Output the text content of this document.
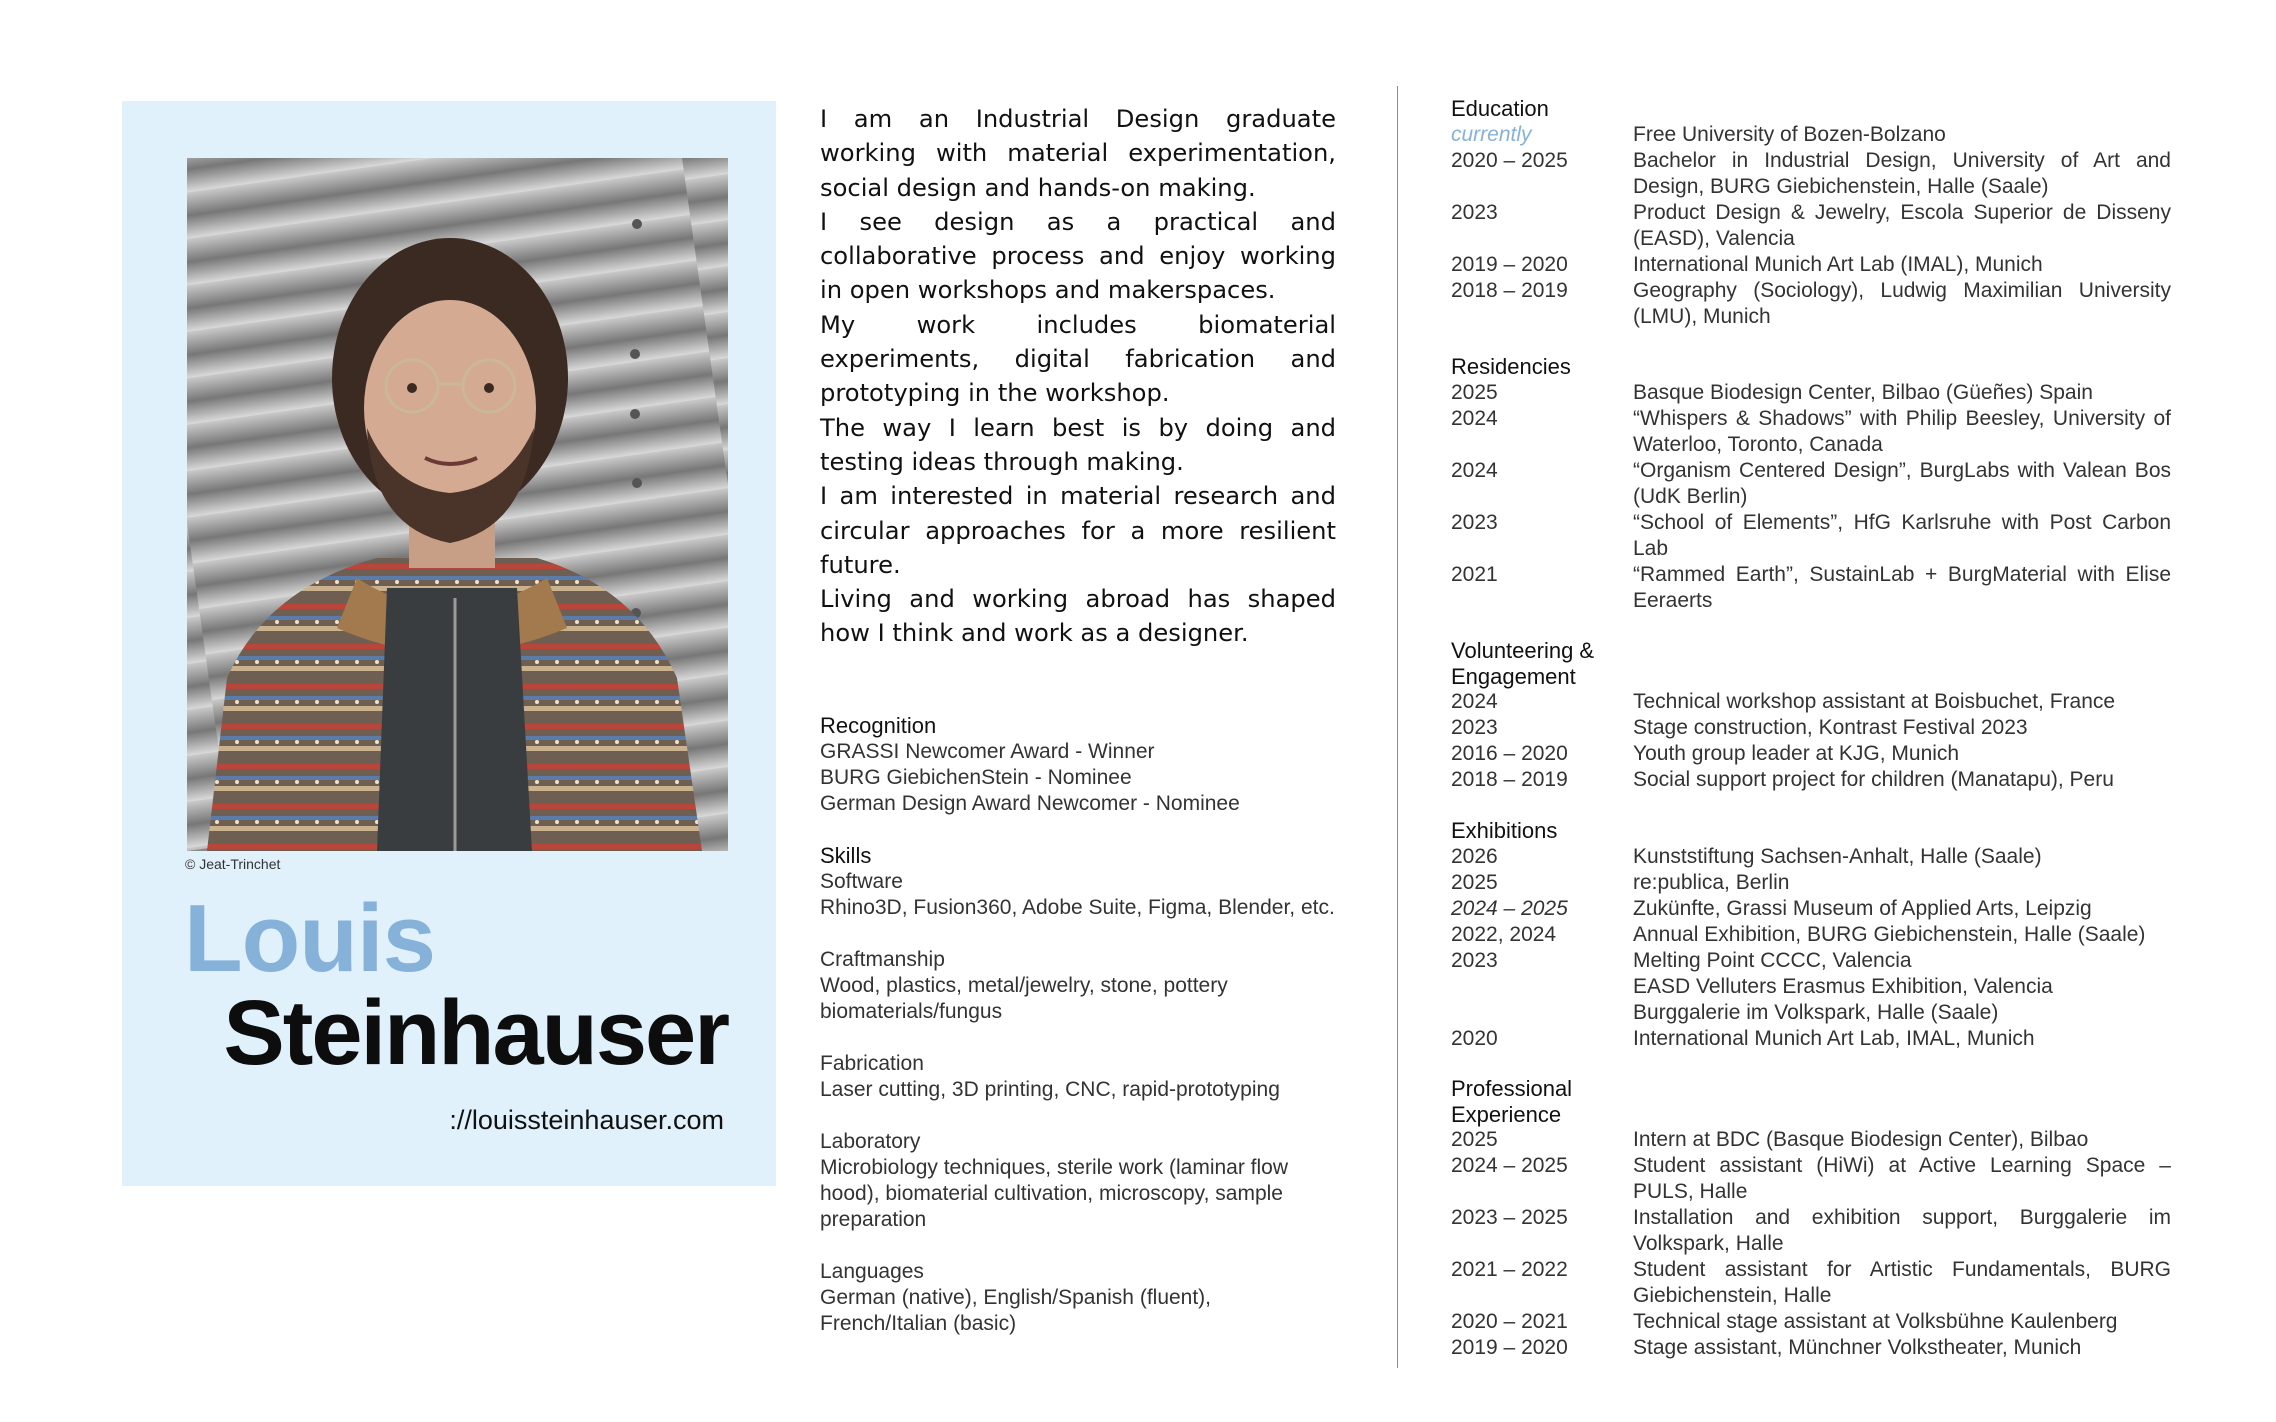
© Jeat-Trinchet
Louis
Steinhauser
://louissteinhauser.com

I am an Industrial Design graduate working with material experimentation, social design and hands-on making.

I see design as a practical and collaborative process and enjoy working in open workshops and makerspaces.

My work includes biomaterial experiments, digital fabrication and prototyping in the workshop.

The way I learn best is by doing and testing ideas through making.

I am interested in material research and circular approaches for a more resilient future.

Living and working abroad has shaped how I think and work as a designer.

Recognition
GRASSI Newcomer Award - Winner
BURG GiebichenStein - Nominee
German Design Award Newcomer - Nominee
Skills
Software
Rhino3D, Fusion360, Adobe Suite, Figma, Blender, etc.
Craftmanship
Wood, plastics, metal/jewelry, stone, pottery biomaterials/fungus
Fabrication
Laser cutting, 3D printing, CNC, rapid-prototyping
Laboratory
Microbiology techniques, sterile work (laminar flow hood), biomaterial cultivation, microscopy, sample preparation
Languages
German (native), English/Spanish (fluent), French/Italian (basic)
Education
currently	Free University of Bozen-Bolzano
2020 – 2025	Bachelor in Industrial Design, University of Art and Design, BURG Giebichenstein, Halle (Saale)
2023	Product Design & Jewelry, Escola Superior de Disseny (EASD), Valencia
2019 – 2020	International Munich Art Lab (IMAL), Munich
2018 – 2019	Geography (Sociology), Ludwig Maximilian University (LMU), Munich
Residencies
2025	Basque Biodesign Center, Bilbao (Güeñes) Spain
2024	“Whispers & Shadows” with Philip Beesley, University of Waterloo, Toronto, Canada
2024	“Organism Centered Design”, BurgLabs with Valean Bos (UdK Berlin)
2023	“School of Elements”, HfG Karlsruhe with Post Carbon Lab
2021	“Rammed Earth”, SustainLab + BurgMaterial with Elise Eeraerts
Volunteering &
Engagement
2024	Technical workshop assistant at Boisbuchet, France
2023	Stage construction, Kontrast Festival 2023
2016 – 2020	Youth group leader at KJG, Munich
2018 – 2019	Social support project for children (Manatapu), Peru
Exhibitions
2026	Kunststiftung Sachsen-Anhalt, Halle (Saale)
2025	re:publica, Berlin
2024 – 2025	Zukünfte, Grassi Museum of Applied Arts, Leipzig
2022, 2024	Annual Exhibition, BURG Giebichenstein, Halle (Saale)
2023	Melting Point CCCC, Valencia
EASD Velluters Erasmus Exhibition, Valencia
Burggalerie im Volkspark, Halle (Saale)
2020	International Munich Art Lab, IMAL, Munich
Professional
Experience
2025	Intern at BDC (Basque Biodesign Center), Bilbao
2024 – 2025	Student assistant (HiWi) at Active Learning Space – PULS, Halle
2023 – 2025	Installation and exhibition support, Burggalerie im Volkspark, Halle
2021 – 2022	Student assistant for Artistic Fundamentals, BURG Giebichenstein, Halle
2020 – 2021	Technical stage assistant at Volksbühne Kaulenberg
2019 – 2020	Stage assistant, Münchner Volkstheater, Munich
